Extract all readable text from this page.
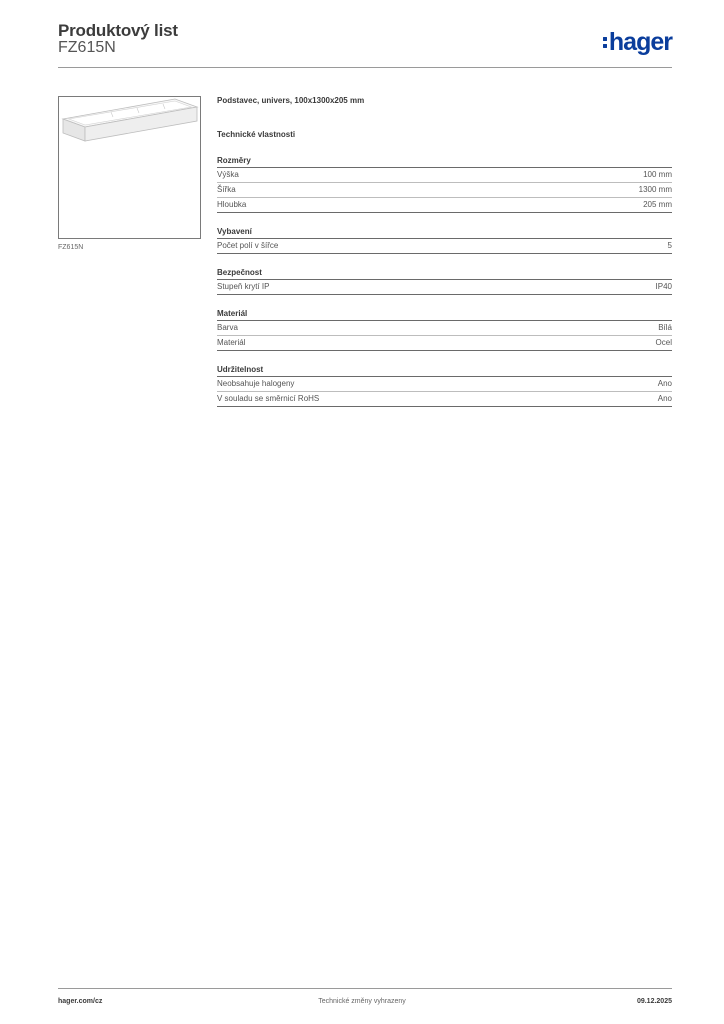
Produktový list
FZ615N	hager
FZ615N
Podstavec, univers, 100x1300x205 mm
Technické vlastnosti
Rozměry
Výška	100 mm
Šířka	1300 mm
Hloubka	205 mm
Vybavení
Počet polí v šířce	5
Bezpečnost
Stupeň krytí IP	IP40
Materiál
Barva	Bílá
Materiál	Ocel
Udržitelnost
Neobsahuje halogeny	Ano
V souladu se směrnicí RoHS	Ano
hager.com/cz	Technické změny vyhrazeny	09.12.2025
